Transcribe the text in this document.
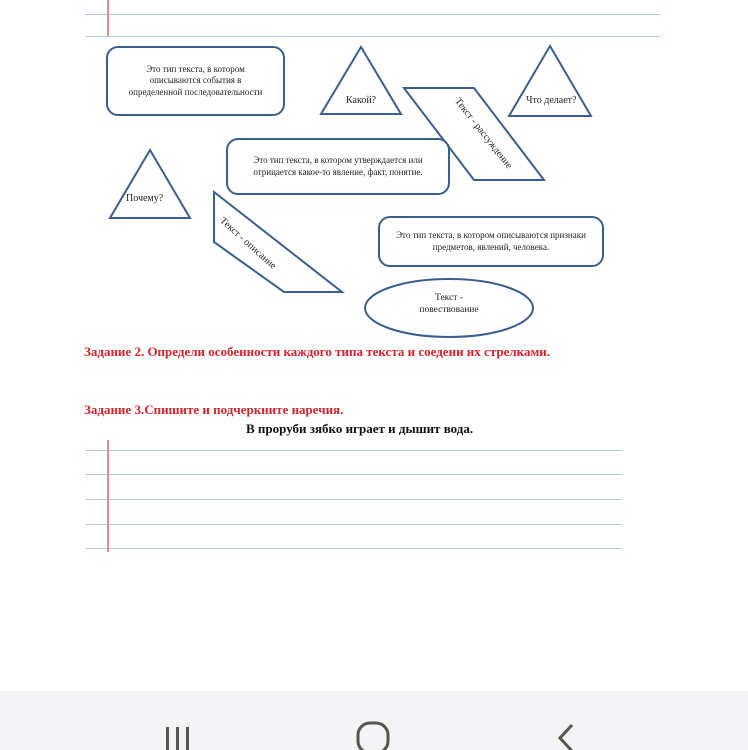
Это тип текста, в котором описываются события в определенной последовательности
Какой?	Что делает?
Текст - рассуждение
Это тип текста, в котором утверждается или отрицается какое-то явление, факт, понятие.
Почему?
Текст - описание	Это тип текста, в котором описываются признаки предметов, явлений, человека.
Текст - повествование
Задание 2. Определи особенности каждого типа текста и соедени их стрелками.
Задание 3.Спишите и подчеркните наречия.
В проруби зябко играет и дышит вода.
